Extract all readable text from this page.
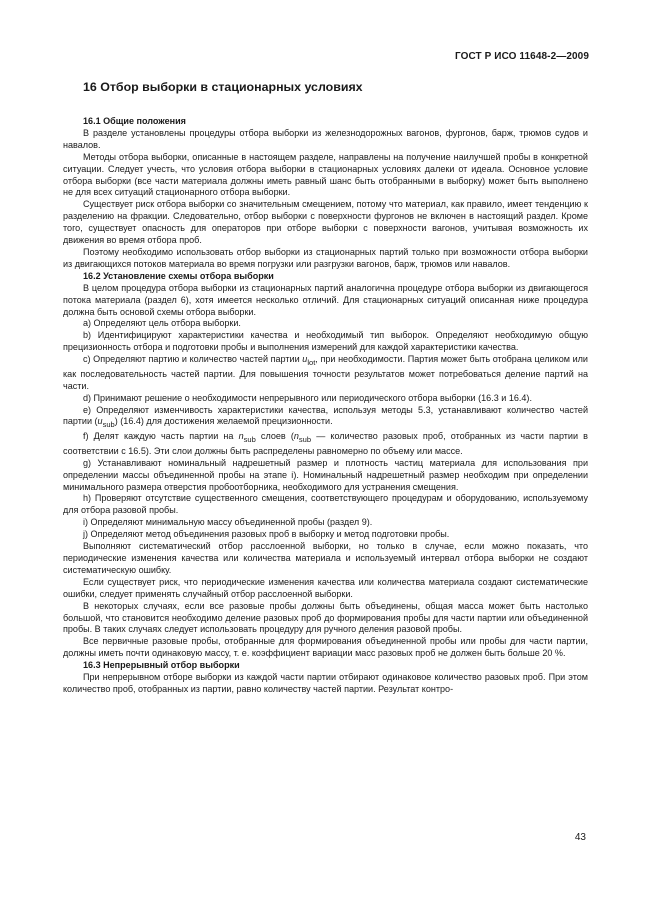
ГОСТ Р ИСО 11648-2—2009
16 Отбор выборки в стационарных условиях
16.1 Общие положения

В разделе установлены процедуры отбора выборки из железнодорожных вагонов, фургонов, барж, трюмов судов и навалов.

Методы отбора выборки, описанные в настоящем разделе, направлены на получение наилучшей пробы в конкретной ситуации. Следует учесть, что условия отбора выборки в стационарных условиях далеки от идеала. Основное условие отбора выборки (все части материала должны иметь равный шанс быть отобранными в выборку) может быть выполнено не для всех ситуаций стационарного отбора выборки.

Существует риск отбора выборки со значительным смещением, потому что материал, как правило, имеет тенденцию к разделению на фракции. Следовательно, отбор выборки с поверхности фургонов не включен в настоящий раздел. Кроме того, существует опасность для операторов при отборе выборки с поверхности вагонов, учитывая возможность их движения во время отбора проб.

Поэтому необходимо использовать отбор выборки из стационарных партий только при возможности отбора выборки из двигающихся потоков материала во время погрузки или разгрузки вагонов, барж, трюмов или навалов.

16.2 Установление схемы отбора выборки

В целом процедура отбора выборки из стационарных партий аналогична процедуре отбора выборки из двигающегося потока материала (раздел 6), хотя имеется несколько отличий. Для стационарных ситуаций описанная ниже процедура должна быть основой схемы отбора выборки.

a) Определяют цель отбора выборки.

b) Идентифицируют характеристики качества и необходимый тип выборок. Определяют необходимую общую прецизионность отбора и подготовки пробы и выполнения измерений для каждой характеристики качества.

c) Определяют партию и количество частей партии $u_{lot}$, при необходимости. Партия может быть отобрана целиком или как последовательность частей партии. Для повышения точности результатов может потребоваться деление партий на части.

d) Принимают решение о необходимости непрерывного или периодического отбора выборки (16.3 и 16.4).

e) Определяют изменчивость характеристики качества, используя методы 5.3, устанавливают количество частей партии $(u_{sub})$ (16.4) для достижения желаемой прецизионности.

f) Делят каждую часть партии на $n_{sub}$ слоев ($n_{sub}$ — количество разовых проб, отобранных из части партии в соответствии с 16.5). Эти слои должны быть распределены равномерно по объему или массе.

g) Устанавливают номинальный надрешетный размер и плотность частиц материала для использования при определении массы объединенной пробы на этапе i). Номинальный надрешетный размер необходим при определении минимального размера отверстия пробоотборника, необходимого для устранения смещения.

h) Проверяют отсутствие существенного смещения, соответствующего процедурам и оборудованию, используемому для отбора разовой пробы.

i) Определяют минимальную массу объединенной пробы (раздел 9).

j) Определяют метод объединения разовых проб в выборку и метод подготовки пробы.

Выполняют систематический отбор расслоенной выборки, но только в случае, если можно показать, что периодические изменения качества или количества материала и используемый интервал отбора выборки не создают систематическую ошибку.

Если существует риск, что периодические изменения качества или количества материала создают систематические ошибки, следует применять случайный отбор расслоенной выборки.

В некоторых случаях, если все разовые пробы должны быть объединены, общая масса может быть настолько большой, что становится необходимо деление разовых проб до формирования пробы для части партии или объединенной пробы. В таких случаях следует использовать процедуру для ручного деления разовой пробы.

Все первичные разовые пробы, отобранные для формирования объединенной пробы или пробы для части партии, должны иметь почти одинаковую массу, т. е. коэффициент вариации масс разовых проб не должен быть больше 20 %.

16.3 Непрерывный отбор выборки

При непрерывном отборе выборки из каждой части партии отбирают одинаковое количество разовых проб. При этом количество проб, отобранных из партии, равно количеству частей партии. Результат контро-

43
